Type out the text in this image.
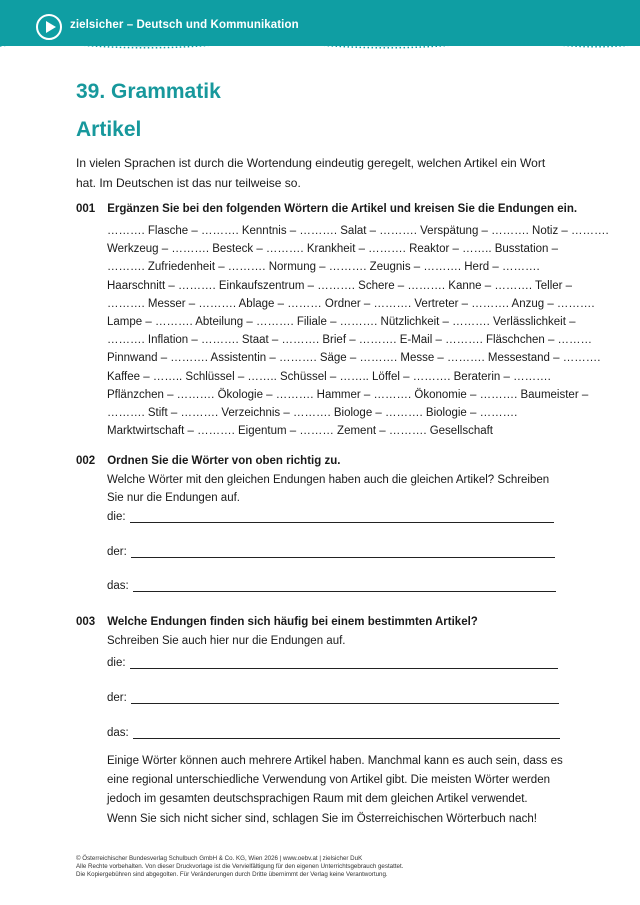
zielsicher – Deutsch und Kommunikation
39. Grammatik
Artikel
In vielen Sprachen ist durch die Wortendung eindeutig geregelt, welchen Artikel ein Wort hat. Im Deutschen ist das nur teilweise so.
001 Ergänzen Sie bei den folgenden Wörtern die Artikel und kreisen Sie die Endungen ein.
………. Flasche – ………. Kenntnis – ………. Salat – ………. Verspätung – ………. Notiz – ……….
Werkzeug – ………. Besteck – ………. Krankheit – ………. Reaktor – …….. Busstation –
………. Zufriedenheit – ………. Normung – ………. Zeugnis – ………. Herd – ……….
Haarschnitt – ………. Einkaufszentrum – ………. Schere – ………. Kanne – ………. Teller –
………. Messer – ………. Ablage – ……… Ordner – ………. Vertreter – ………. Anzug – ……….
Lampe – ………. Abteilung – ………. Filiale – ………. Nützlichkeit – ………. Verlässlichkeit –
………. Inflation – ………. Staat – ………. Brief – ………. E-Mail – ………. Fläschchen – ………
Pinnwand – ………. Assistentin – ………. Säge – ………. Messe – ………. Messestand – ……….
Kaffee – …….. Schlüssel – …….. Schüssel – …….. Löffel – ………. Beraterin – ……….
Pflänzchen – ………. Ökologie – ………. Hammer – ………. Ökonomie – ………. Baumeister –
………. Stift – ………. Verzeichnis – ………. Biologe – ………. Biologie – ……….
Marktwirtschaft – ………. Eigentum – ……… Zement – ………. Gesellschaft
002 Ordnen Sie die Wörter von oben richtig zu.
Welche Wörter mit den gleichen Endungen haben auch die gleichen Artikel? Schreiben Sie nur die Endungen auf.
die:
der:
das:
003 Welche Endungen finden sich häufig bei einem bestimmten Artikel?
Schreiben Sie auch hier nur die Endungen auf.
die:
der:
das:
Einige Wörter können auch mehrere Artikel haben. Manchmal kann es auch sein, dass es eine regional unterschiedliche Verwendung von Artikel gibt. Die meisten Wörter werden jedoch im gesamten deutschsprachigen Raum mit dem gleichen Artikel verwendet.
Wenn Sie sich nicht sicher sind, schlagen Sie im Österreichischen Wörterbuch nach!
© Österreichischer Bundesverlag Schulbuch GmbH & Co. KG, Wien 2026 | www.oebv.at | zielsicher DuK
Alle Rechte vorbehalten. Von dieser Druckvorlage ist die Vervielfältigung für den eigenen Unterrichtsgebrauch gestattet.
Die Kopiergebühren sind abgegolten. Für Veränderungen durch Dritte übernimmt der Verlag keine Verantwortung.
